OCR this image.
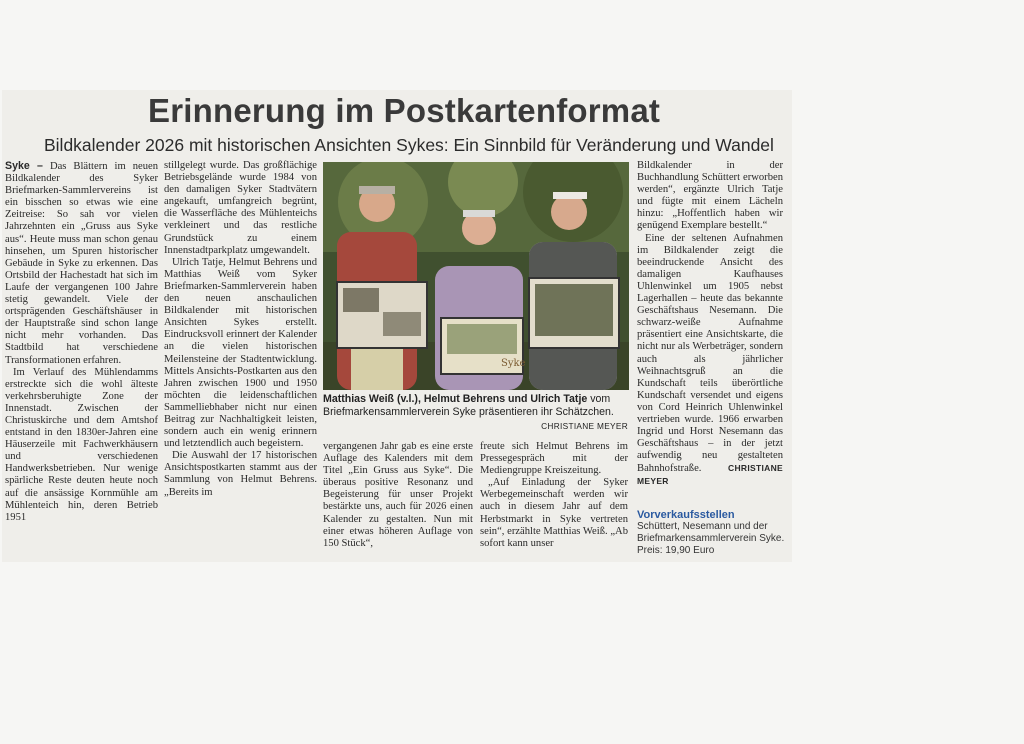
Erinnerung im Postkartenformat
Bildkalender 2026 mit historischen Ansichten Sykes: Ein Sinnbild für Veränderung und Wandel

Syke – Das Blättern im neuen Bildkalender des Syker Briefmarken-Sammlervereins ist ein bisschen so etwas wie eine Zeitreise: So sah vor vielen Jahrzehnten ein „Gruss aus Syke aus“. Heute muss man schon genau hinsehen, um Spuren historischer Gebäude in Syke zu erkennen. Das Ortsbild der Hachestadt hat sich im Laufe der vergangenen 100 Jahre stetig gewandelt. Viele der ortsprägenden Geschäftshäuser in der Hauptstraße sind schon lange nicht mehr vorhanden. Das Stadtbild hat verschiedene Transformationen erfahren.

Im Verlauf des Mühlendamms erstreckte sich die wohl älteste verkehrsberuhigte Zone der Innenstadt. Zwischen der Christuskirche und dem Amtshof entstand in den 1830er-Jahren eine Häuserzeile mit Fachwerkhäusern und verschiedenen Handwerksbetrieben. Nur wenige spärliche Reste deuten heute noch auf die ansässige Kornmühle am Mühlenteich hin, deren Betrieb 1951

stillgelegt wurde. Das großflächige Betriebsgelände wurde 1984 von den damaligen Syker Stadtvätern angekauft, umfangreich begrünt, die Wasserfläche des Mühlenteichs verkleinert und das restliche Grundstück zu einem Innenstadtparkplatz umgewandelt.

Ulrich Tatje, Helmut Behrens und Matthias Weiß vom Syker Briefmarken-Sammlerverein haben den neuen anschaulichen Bildkalender mit historischen Ansichten Sykes erstellt. Eindrucksvoll erinnert der Kalender an die vielen historischen Meilensteine der Stadtentwicklung. Mittels Ansichts-Postkarten aus den Jahren zwischen 1900 und 1950 möchten die leidenschaftlichen Sammelliebhaber nicht nur einen Beitrag zur Nachhaltigkeit leisten, sondern auch ein wenig erinnern und letztendlich auch begeistern.

Die Auswahl der 17 historischen Ansichtspostkarten stammt aus der Sammlung von Helmut Behrens. „Bereits im

Syke
Matthias Weiß (v.l.), Helmut Behrens und Ulrich Tatje vom Briefmarkensammlerverein Syke präsentieren ihr Schätzchen.
CHRISTIANE MEYER

vergangenen Jahr gab es eine erste Auflage des Kalenders mit dem Titel „Ein Gruss aus Syke“. Die überaus positive Resonanz und Begeisterung für unser Projekt bestärkte uns, auch für 2026 einen Kalender zu gestalten. Nun mit einer etwas höheren Auflage von 150 Stück“,

freute sich Helmut Behrens im Pressegespräch mit der Mediengruppe Kreiszeitung.

„Auf Einladung der Syker Werbegemeinschaft werden wir auch in diesem Jahr auf dem Herbstmarkt in Syke vertreten sein“, erzählte Matthias Weiß. „Ab sofort kann unser

Bildkalender in der Buchhandlung Schüttert erworben werden“, ergänzte Ulrich Tatje und fügte mit einem Lächeln hinzu: „Hoffentlich haben wir genügend Exemplare bestellt.“

Eine der seltenen Aufnahmen im Bildkalender zeigt die beeindruckende Ansicht des damaligen Kaufhauses Uhlenwinkel um 1905 nebst Lagerhallen – heute das bekannte Geschäftshaus Nesemann. Die schwarz-weiße Aufnahme präsentiert eine Ansichtskarte, die nicht nur als Werbeträger, sondern auch als jährlicher Weihnachtsgruß an die Kundschaft teils überörtliche Kundschaft versendet und eigens von Cord Heinrich Uhlenwinkel vertrieben wurde. 1966 erwarben Ingrid und Horst Nesemann das Geschäftshaus – in der jetzt aufwendig neu gestalteten Bahnhofstraße.	CHRISTIANE MEYER

Vorverkaufsstellen
Schüttert, Nesemann und der Briefmarkensammlerverein Syke.
Preis: 19,90 Euro
